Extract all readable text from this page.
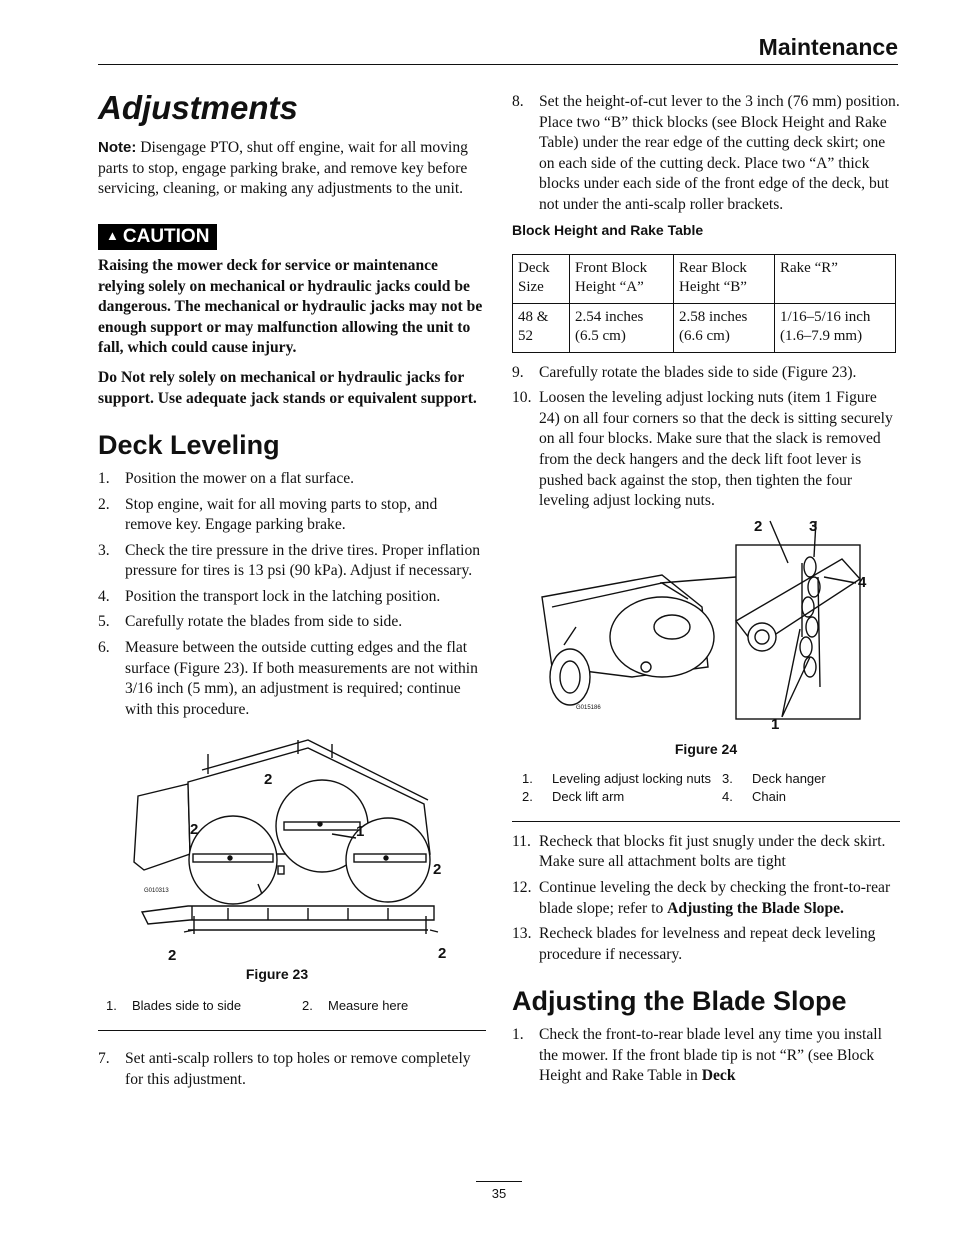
Maintenance
Adjustments

Note: Disengage PTO, shut off engine, wait for all moving parts to stop, engage parking brake, and remove key before servicing, cleaning, or making any adjustments to the unit.

▲ CAUTION

Raising the mower deck for service or maintenance relying solely on mechanical or hydraulic jacks could be dangerous. The mechanical or hydraulic jacks may not be enough support or may malfunction allowing the unit to fall, which could cause injury.

Do Not rely solely on mechanical or hydraulic jacks for support. Use adequate jack stands or equivalent support.

Deck Leveling
1. Position the mower on a flat surface.
2. Stop engine, wait for all moving parts to stop, and remove key. Engage parking brake.
3. Check the tire pressure in the drive tires. Proper inflation pressure for tires is 13 psi (90 kPa). Adjust if necessary.
4. Position the transport lock in the latching position.
5. Carefully rotate the blades from side to side.
6. Measure between the outside cutting edges and the flat surface (Figure 23). If both measurements are not within 3/16 inch (5 mm), an adjustment is required; continue with this procedure.
2
2	1
2
2	2
G010313
Figure 23
1.	Blades side to side	2.	Measure here
7. Set anti-scalp rollers to top holes or remove completely for this adjustment.
8. Set the height-of-cut lever to the 3 inch (76 mm) position. Place two “B” thick blocks (see Block Height and Rake Table) under the rear edge of the cutting deck skirt; one on each side of the cutting deck. Place two “A” thick blocks under each side of the front edge of the deck, but not under the anti-scalp roller brackets.
Block Height and Rake Table
Deck Size	Front Block Height “A”	Rear Block Height “B”	Rake “R”
48 & 52	2.54 inches (6.5 cm)	2.58 inches (6.6 cm)	1/16–5/16 inch (1.6–7.9 mm)
9. Carefully rotate the blades side to side (Figure 23).
10. Loosen the leveling adjust locking nuts (item 1 Figure 24) on all four corners so that the deck is sitting securely on all four blocks. Make sure that the slack is removed from the deck hangers and the deck lift foot lever is pushed back against the stop, then tighten the four leveling adjust locking nuts.
2	3
4
1
G015186
Figure 24
1.	Leveling adjust locking nuts	3.	Deck hanger
2.	Deck lift arm	4.	Chain
11. Recheck that blocks fit just snugly under the deck skirt. Make sure all attachment bolts are tight
12. Continue leveling the deck by checking the front-to-rear blade slope; refer to Adjusting the Blade Slope.
13. Recheck blades for levelness and repeat deck leveling procedure if necessary.
Adjusting the Blade Slope
1. Check the front-to-rear blade level any time you install the mower. If the front blade tip is not “R” (see Block Height and Rake Table in Deck
35
